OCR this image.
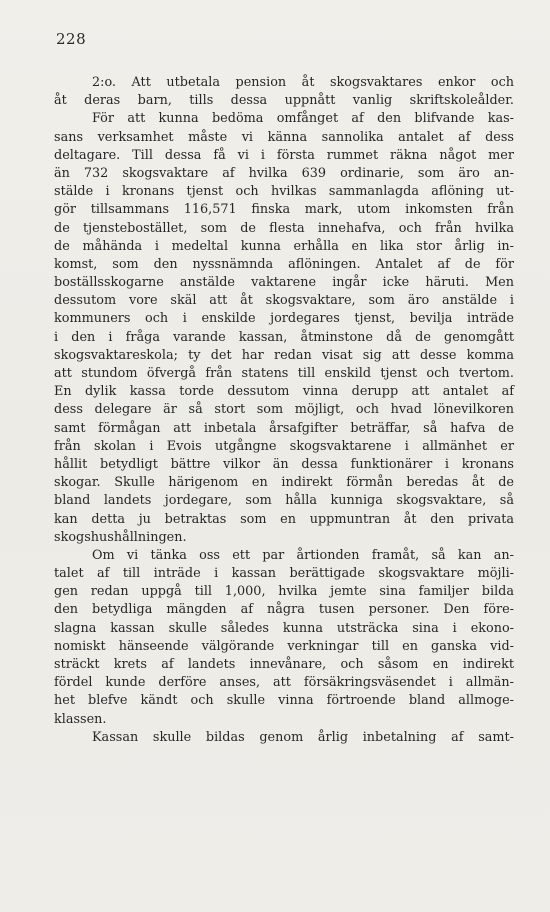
228
2:o. Att utbetala pension åt skogsvaktares enkor och
åt deras barn, tills dessa uppnått vanlig skriftskoleålder.
För att kunna bedöma omfånget af den blifvande kas-
sans verksamhet måste vi känna sannolika antalet af dess
deltagare. Till dessa få vi i första rummet räkna något mer
än 732 skogsvaktare af hvilka 639 ordinarie, som äro an-
stälde i kronans tjenst och hvilkas sammanlagda aflöning ut-
gör tillsammans 116,571 finska mark, utom inkomsten från
de tjenstebostället, som de flesta innehafva, och från hvilka
de måhända i medeltal kunna erhålla en lika stor årlig in-
komst, som den nyssnämnda aflöningen. Antalet af de för
boställsskogarne anstälde vaktarene ingår icke häruti. Men
dessutom vore skäl att åt skogsvaktare, som äro anstälde i
kommuners och i enskilde jordegares tjenst, bevilja inträde
i den i fråga varande kassan, åtminstone då de genomgått
skogsvaktareskola; ty det har redan visat sig att desse komma
att stundom öfvergå från statens till enskild tjenst och tvertom.
En dylik kassa torde dessutom vinna derupp att antalet af
dess delegare är så stort som möjligt, och hvad lönevilkoren
samt förmågan att inbetala årsafgifter beträffar, så hafva de
från skolan i Evois utgångne skogsvaktarene i allmänhet er
hållit betydligt bättre vilkor än dessa funktionärer i kronans
skogar. Skulle härigenom en indirekt förmån beredas åt de
bland landets jordegare, som hålla kunniga skogsvaktare, så
kan detta ju betraktas som en uppmuntran åt den privata
skogshushållningen.
Om vi tänka oss ett par årtionden framåt, så kan an-
talet af till inträde i kassan berättigade skogsvaktare möjli-
gen redan uppgå till 1,000, hvilka jemte sina familjer bilda
den betydliga mängden af några tusen personer. Den före-
slagna kassan skulle således kunna utsträcka sina i ekono-
nomiskt hänseende välgörande verkningar till en ganska vid-
sträckt krets af landets innevånare, och såsom en indirekt
fördel kunde derföre anses, att försäkringsväsendet i allmän-
het blefve kändt och skulle vinna förtroende bland allmoge-
klassen.
Kassan skulle bildas genom årlig inbetalning af samt-
